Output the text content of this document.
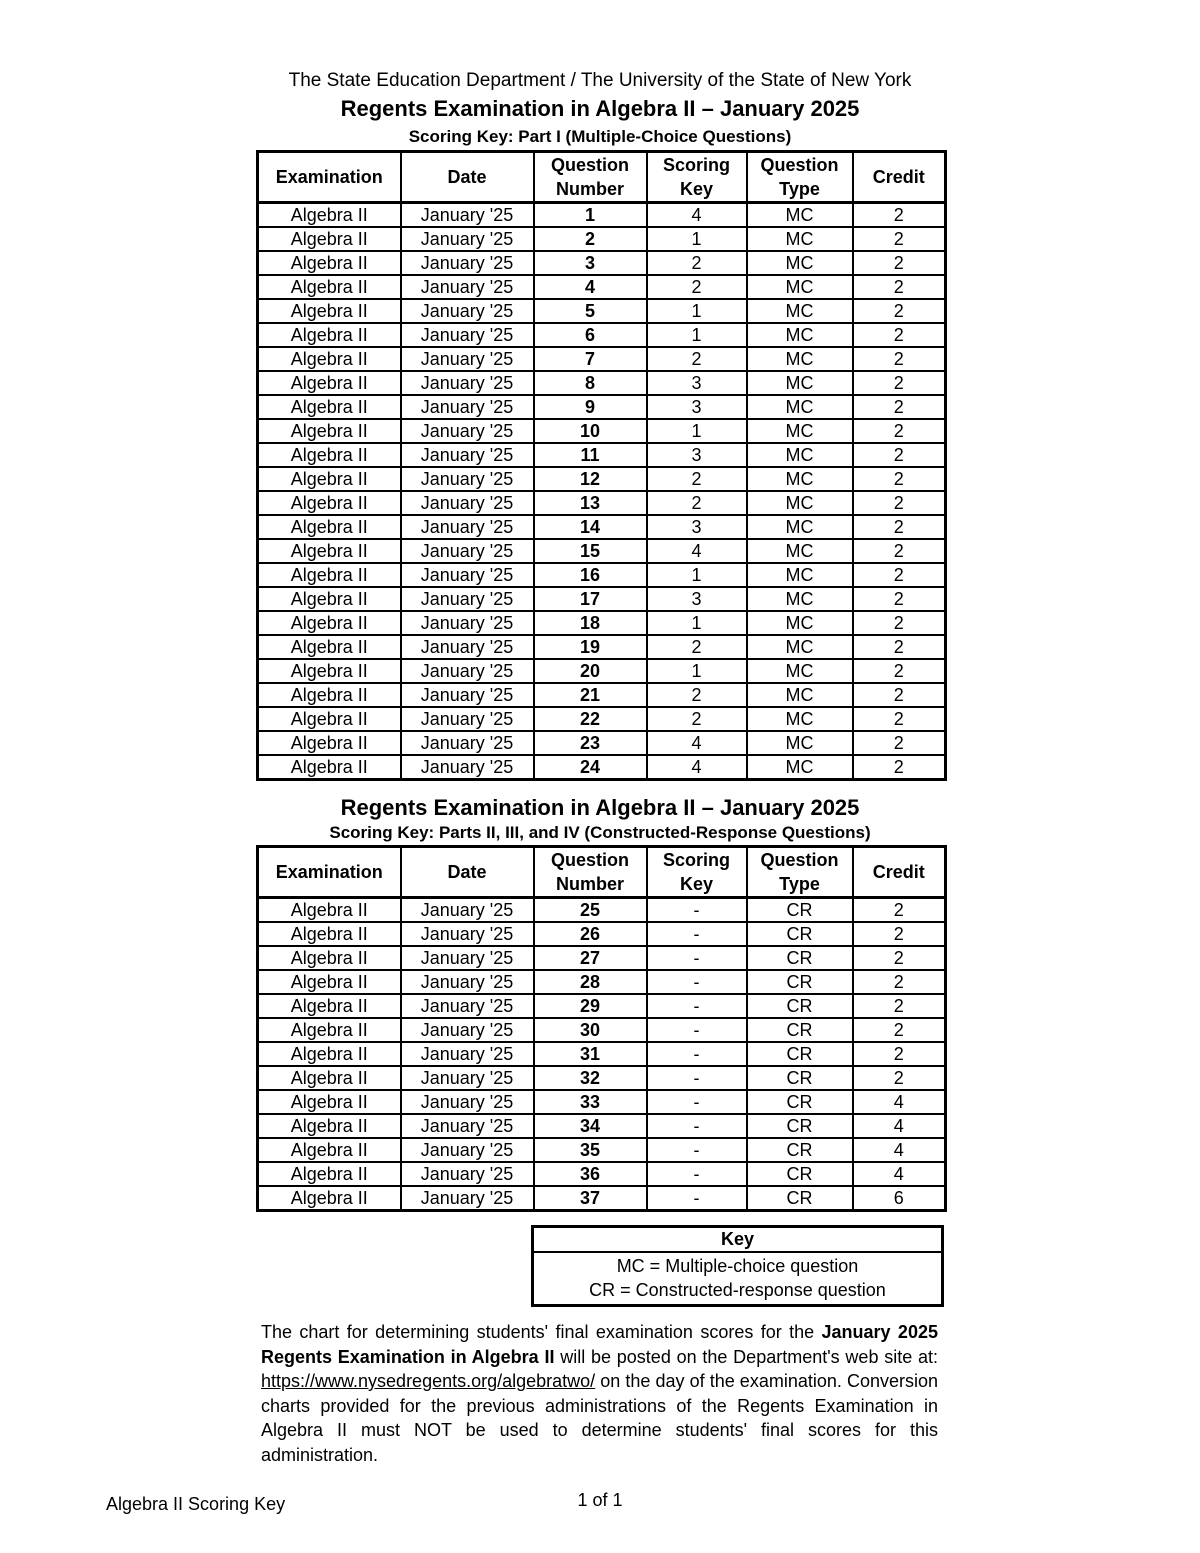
The State Education Department / The University of the State of New York
Regents Examination in Algebra II – January 2025
Scoring Key: Part I (Multiple-Choice Questions)
Examination	Date	Question Number	Scoring Key	Question Type	Credit
Algebra II	January '25	1	4	MC	2
Algebra II	January '25	2	1	MC	2
Algebra II	January '25	3	2	MC	2
Algebra II	January '25	4	2	MC	2
Algebra II	January '25	5	1	MC	2
Algebra II	January '25	6	1	MC	2
Algebra II	January '25	7	2	MC	2
Algebra II	January '25	8	3	MC	2
Algebra II	January '25	9	3	MC	2
Algebra II	January '25	10	1	MC	2
Algebra II	January '25	11	3	MC	2
Algebra II	January '25	12	2	MC	2
Algebra II	January '25	13	2	MC	2
Algebra II	January '25	14	3	MC	2
Algebra II	January '25	15	4	MC	2
Algebra II	January '25	16	1	MC	2
Algebra II	January '25	17	3	MC	2
Algebra II	January '25	18	1	MC	2
Algebra II	January '25	19	2	MC	2
Algebra II	January '25	20	1	MC	2
Algebra II	January '25	21	2	MC	2
Algebra II	January '25	22	2	MC	2
Algebra II	January '25	23	4	MC	2
Algebra II	January '25	24	4	MC	2
Regents Examination in Algebra II – January 2025
Scoring Key: Parts II, III, and IV (Constructed-Response Questions)
Examination	Date	Question Number	Scoring Key	Question Type	Credit
Algebra II	January '25	25	-	CR	2
Algebra II	January '25	26	-	CR	2
Algebra II	January '25	27	-	CR	2
Algebra II	January '25	28	-	CR	2
Algebra II	January '25	29	-	CR	2
Algebra II	January '25	30	-	CR	2
Algebra II	January '25	31	-	CR	2
Algebra II	January '25	32	-	CR	2
Algebra II	January '25	33	-	CR	4
Algebra II	January '25	34	-	CR	4
Algebra II	January '25	35	-	CR	4
Algebra II	January '25	36	-	CR	4
Algebra II	January '25	37	-	CR	6
Key

MC = Multiple-choice question
CR = Constructed-response question
The chart for determining students' final examination scores for the January 2025 Regents Examination in Algebra II will be posted on the Department's web site at: https://www.nysedregents.org/algebratwo/ on the day of the examination. Conversion charts provided for the previous administrations of the Regents Examination in Algebra II must NOT be used to determine students' final scores for this administration.
Algebra II Scoring Key	1 of 1
